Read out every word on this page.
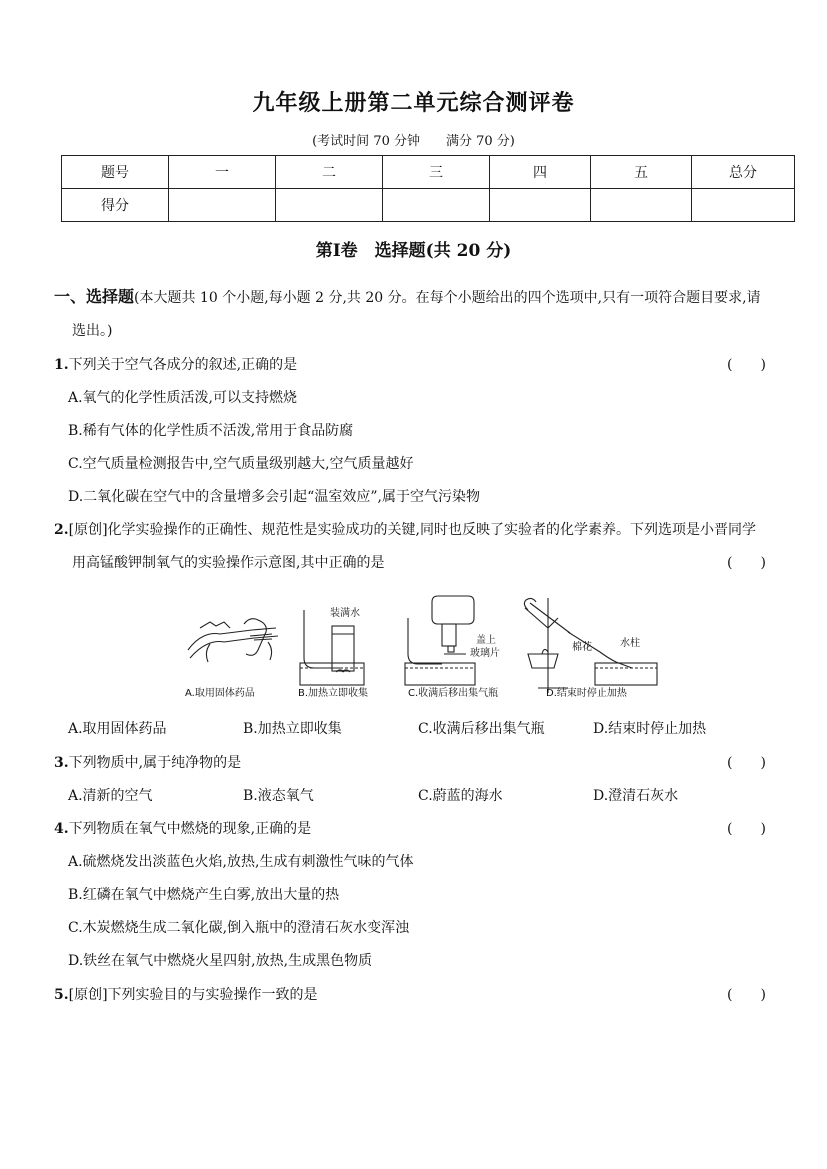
九年级上册第二单元综合测评卷
(考试时间 70 分钟　　满分 70 分)
题号	一	二	三	四	五	总分
得分						
第Ⅰ卷　选择题(共 20 分)
一、选择题(本大题共 10 个小题,每小题 2 分,共 20 分。在每个小题给出的四个选项中,只有一项符合题目要求,请
选出。)
1.下列关于空气各成分的叙述,正确的是	(　　)
A.氧气的化学性质活泼,可以支持燃烧
B.稀有气体的化学性质不活泼,常用于食品防腐
C.空气质量检测报告中,空气质量级别越大,空气质量越好
D.二氧化碳在空气中的含量增多会引起“温室效应”,属于空气污染物
2.[原创]化学实验操作的正确性、规范性是实验成功的关键,同时也反映了实验者的化学素养。下列选项是小晋同学
用高锰酸钾制氧气的实验操作示意图,其中正确的是	(　　)
装满水
盖上
玻璃片
棉花	水柱
A.取用固体药品	B.加热立即收集	C.收满后移出集气瓶	D.结束时停止加热
A.取用固体药品	B.加热立即收集	C.收满后移出集气瓶	D.结束时停止加热
3.下列物质中,属于纯净物的是	(　　)
A.清新的空气	B.液态氧气	C.蔚蓝的海水	D.澄清石灰水
4.下列物质在氧气中燃烧的现象,正确的是	(　　)
A.硫燃烧发出淡蓝色火焰,放热,生成有刺激性气味的气体
B.红磷在氧气中燃烧产生白雾,放出大量的热
C.木炭燃烧生成二氧化碳,倒入瓶中的澄清石灰水变浑浊
D.铁丝在氧气中燃烧火星四射,放热,生成黑色物质
5.[原创]下列实验目的与实验操作一致的是	(　　)
